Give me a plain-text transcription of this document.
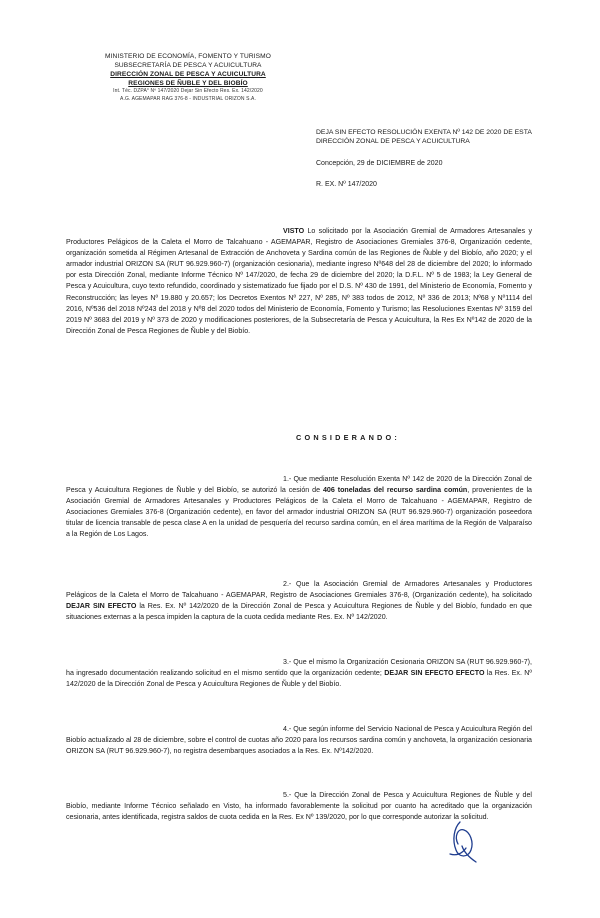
MINISTERIO DE ECONOMÍA, FOMENTO Y TURISMO
SUBSECRETARÍA DE PESCA Y ACUICULTURA
DIRECCIÓN ZONAL DE PESCA Y ACUICULTURA
REGIONES DE ÑUBLE Y DEL BIOBÍO
Int. Téc. DZPA° Nº 147/2020 Dejar Sin Efecto Res. Ex. 142/2020
A.G. AGEMAPAR RAG 376-8 - INDUSTRIAL ORIZON S.A.
DEJA SIN EFECTO RESOLUCIÓN EXENTA Nº 142 DE 2020 DE ESTA DIRECCIÓN ZONAL DE PESCA Y ACUICULTURA
Concepción, 29 de DICIEMBRE de 2020
R. EX. Nº 147/2020
VISTO Lo solicitado por la Asociación Gremial de Armadores Artesanales y Productores Pelágicos de la Caleta el Morro de Talcahuano - AGEMAPAR, Registro de Asociaciones Gremiales 376-8, Organización cedente, organización sometida al Régimen Artesanal de Extracción de Anchoveta y Sardina común de las Regiones de Ñuble y del Biobío, año 2020; y el armador industrial ORIZON SA (RUT 96.929.960-7) (organización cesionaria), mediante ingreso Nº648 del 28 de diciembre del 2020; lo informado por esta Dirección Zonal, mediante Informe Técnico Nº 147/2020, de fecha 29 de diciembre del 2020; la D.F.L. Nº 5 de 1983; la Ley General de Pesca y Acuicultura, cuyo texto refundido, coordinado y sistematizado fue fijado por el D.S. Nº 430 de 1991, del Ministerio de Economía, Fomento y Reconstrucción; las leyes Nº 19.880 y 20.657; los Decretos Exentos Nº 227, Nº 285, Nº 383 todos de 2012, Nº 336 de 2013; Nº68 y Nº1114 del 2016, Nº536 del 2018 Nº243 del 2018 y Nº8 del 2020 todos del Ministerio de Economía, Fomento y Turismo; las Resoluciones Exentas Nº 3159 del 2019 Nº 3683 del 2019 y Nº 373 de 2020 y modificaciones posteriores, de la Subsecretaría de Pesca y Acuicultura, la Res Ex Nº142 de 2020 de la Dirección Zonal de Pesca Regiones de Ñuble y del Biobío.
CONSIDERANDO:
1.- Que mediante Resolución Exenta Nº 142 de 2020 de la Dirección Zonal de Pesca y Acuicultura Regiones de Ñuble y del Biobío, se autorizó la cesión de 406 toneladas del recurso sardina común, provenientes de la Asociación Gremial de Armadores Artesanales y Productores Pelágicos de la Caleta el Morro de Talcahuano - AGEMAPAR, Registro de Asociaciones Gremiales 376-8 (Organización cedente), en favor del armador industrial ORIZON SA (RUT 96.929.960-7) organización poseedora titular de licencia transable de pesca clase A en la unidad de pesquería del recurso sardina común, en el área marítima de la Región de Valparaíso a la Región de Los Lagos.
2.- Que la Asociación Gremial de Armadores Artesanales y Productores Pelágicos de la Caleta el Morro de Talcahuano - AGEMAPAR, Registro de Asociaciones Gremiales 376-8, (Organización cedente), ha solicitado DEJAR SIN EFECTO la Res. Ex. Nº 142/2020 de la Dirección Zonal de Pesca y Acuicultura Regiones de Ñuble y del Biobío, fundado en que situaciones externas a la pesca impiden la captura de la cuota cedida mediante Res. Ex. Nº 142/2020.
3.- Que el mismo la Organización Cesionaria ORIZON SA (RUT 96.929.960-7), ha ingresado documentación realizando solicitud en el mismo sentido que la organización cedente; DEJAR SIN EFECTO EFECTO la Res. Ex. Nº 142/2020 de la Dirección Zonal de Pesca y Acuicultura Regiones de Ñuble y del Biobío.
4.- Que según informe del Servicio Nacional de Pesca y Acuicultura Región del Biobío actualizado al 28 de diciembre, sobre el control de cuotas año 2020 para los recursos sardina común y anchoveta, la organización cesionaria ORIZON SA (RUT 96.929.960-7), no registra desembarques asociados a la Res. Ex. Nº142/2020.
5.- Que la Dirección Zonal de Pesca y Acuicultura Regiones de Ñuble y del Biobío, mediante Informe Técnico señalado en Visto, ha informado favorablemente la solicitud por cuanto ha acreditado que la organización cesionaria, antes identificada, registra saldos de cuota cedida en la Res. Ex Nº 139/2020, por lo que corresponde autorizar la solicitud.
